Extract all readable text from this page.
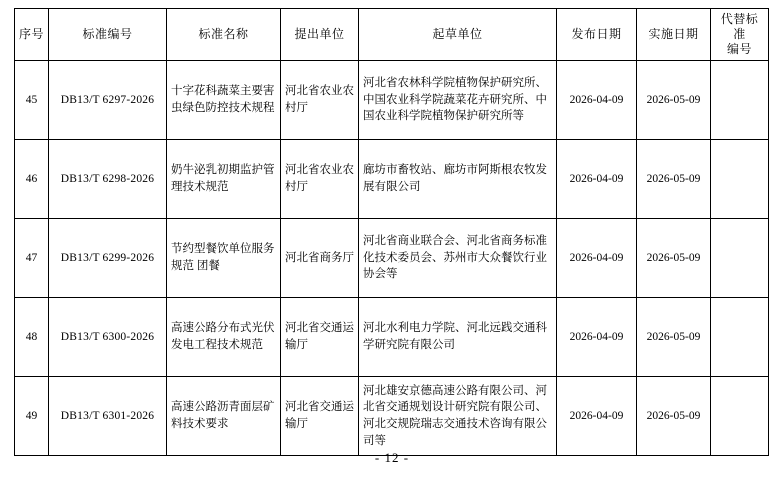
序号	标准编号	标准名称	提出单位	起草单位	发布日期	实施日期	代替标准
编号

45	DB13/T 6297-2026	十字花科蔬菜主要害虫绿色防控技术规程	河北省农业农村厅	河北省农林科学院植物保护研究所、中国农业科学院蔬菜花卉研究所、中国农业科学院植物保护研究所等	2026-04-09	2026-05-09	
46	DB13/T 6298-2026	奶牛泌乳初期监护管理技术规范	河北省农业农村厅	廊坊市畜牧站、廊坊市阿斯根农牧发展有限公司	2026-04-09	2026-05-09	
47	DB13/T 6299-2026	节约型餐饮单位服务规范 团餐	河北省商务厅	河北省商业联合会、河北省商务标准化技术委员会、苏州市大众餐饮行业协会等	2026-04-09	2026-05-09	
48	DB13/T 6300-2026	高速公路分布式光伏发电工程技术规范	河北省交通运输厅	河北水利电力学院、河北远践交通科学研究院有限公司	2026-04-09	2026-05-09	
49	DB13/T 6301-2026	高速公路沥青面层矿料技术要求	河北省交通运输厅	河北雄安京德高速公路有限公司、河北省交通规划设计研究院有限公司、河北交规院瑞志交通技术咨询有限公司等	2026-04-09	2026-05-09	
- 12 -
